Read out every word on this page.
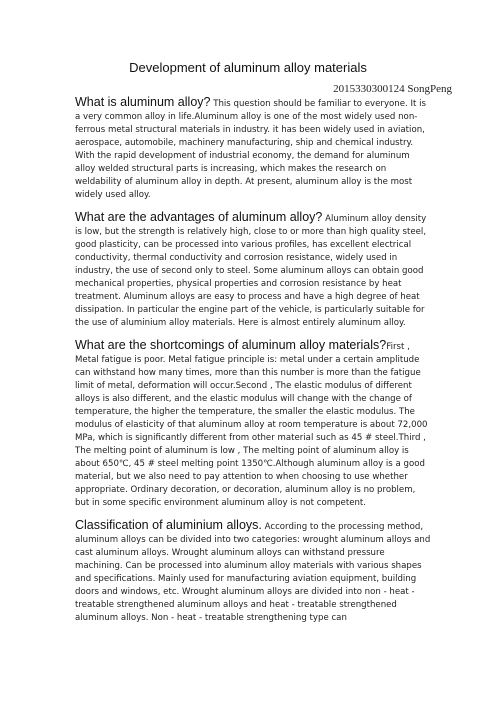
Development of aluminum alloy materials
2015330300124 SongPeng

What is aluminum alloy? This question should be familiar to everyone. It is a very common alloy in life.Aluminum alloy is one of the most widely used non-ferrous metal structural materials in industry. it has been widely used in aviation, aerospace, automobile, machinery manufacturing, ship and chemical industry. With the rapid development of industrial economy, the demand for aluminum alloy welded structural parts is increasing, which makes the research on weldability of aluminum alloy in depth. At present, aluminum alloy is the most widely used alloy.

What are the advantages of aluminum alloy? Aluminum alloy density is low, but the strength is relatively high, close to or more than high quality steel, good plasticity, can be processed into various profiles, has excellent electrical conductivity, thermal conductivity and corrosion resistance, widely used in industry, the use of second only to steel. Some aluminum alloys can obtain good mechanical properties, physical properties and corrosion resistance by heat treatment. Aluminum alloys are easy to process and have a high degree of heat dissipation. In particular the engine part of the vehicle, is particularly suitable for the use of aluminium alloy materials. Here is almost entirely aluminum alloy.

What are the shortcomings of aluminum alloy materials?First , Metal fatigue is poor. Metal fatigue principle is: metal under a certain amplitude can withstand how many times, more than this number is more than the fatigue limit of metal, deformation will occur.Second , The elastic modulus of different alloys is also different, and the elastic modulus will change with the change of temperature, the higher the temperature, the smaller the elastic modulus. The modulus of elasticity of that aluminum alloy at room temperature is about 72,000 MPa, which is significantly different from other material such as 45 # steel.Third , The melting point of aluminum is low , The melting point of aluminum alloy is about 650℃, 45 # steel melting point 1350℃.Although aluminum alloy is a good material, but we also need to pay attention to when choosing to use whether appropriate. Ordinary decoration, or decoration, aluminum alloy is no problem, but in some specific environment aluminum alloy is not competent.

Classification of aluminium alloys. According to the processing method, aluminum alloys can be divided into two categories: wrought aluminum alloys and cast aluminum alloys. Wrought aluminum alloys can withstand pressure machining. Can be processed into aluminum alloy materials with various shapes and specifications. Mainly used for manufacturing aviation equipment, building doors and windows, etc. Wrought aluminum alloys are divided into non - heat - treatable strengthened aluminum alloys and heat - treatable strengthened aluminum alloys. Non - heat - treatable strengthening type can
